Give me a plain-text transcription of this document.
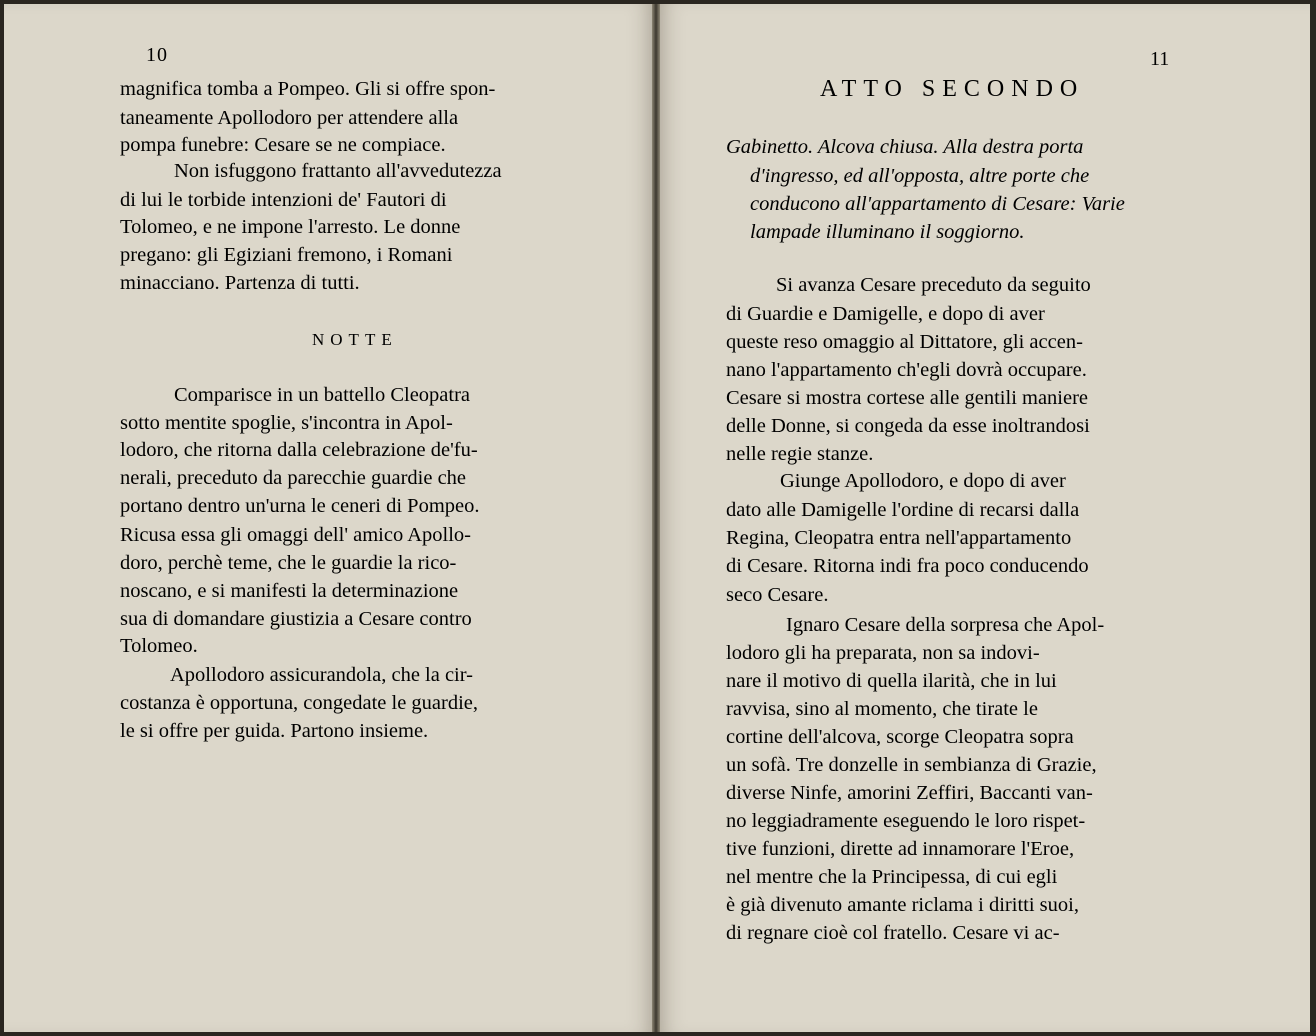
10
magnifica tomba a Pompeo. Gli si offre spon-
taneamente Apollodoro per attendere alla
pompa funebre: Cesare se ne compiace.
Non isfuggono frattanto all'avvedutezza
di lui le torbide intenzioni de' Fautori di
Tolomeo, e ne impone l'arresto. Le donne
pregano: gli Egiziani fremono, i Romani
minacciano. Partenza di tutti.
NOTTE
Comparisce in un battello Cleopatra
sotto mentite spoglie, s'incontra in Apol-
lodoro, che ritorna dalla celebrazione de'fu-
nerali, preceduto da parecchie guardie che
portano dentro un'urna le ceneri di Pompeo.
Ricusa essa gli omaggi dell' amico Apollo-
doro, perchè teme, che le guardie la rico-
noscano, e si manifesti la determinazione
sua di domandare giustizia a Cesare contro
Tolomeo.
Apollodoro assicurandola, che la cir-
costanza è opportuna, congedate le guardie,
le si offre per guida. Partono insieme.
11
ATTO SECONDO
Gabinetto. Alcova chiusa. Alla destra porta
d'ingresso, ed all'opposta, altre porte che
conducono all'appartamento di Cesare: Varie
lampade illuminano il soggiorno.
Si avanza Cesare preceduto da seguito
di Guardie e Damigelle, e dopo di aver
queste reso omaggio al Dittatore, gli accen-
nano l'appartamento ch'egli dovrà occupare.
Cesare si mostra cortese alle gentili maniere
delle Donne, si congeda da esse inoltrandosi
nelle regie stanze.
Giunge Apollodoro, e dopo di aver
dato alle Damigelle l'ordine di recarsi dalla
Regina, Cleopatra entra nell'appartamento
di Cesare. Ritorna indi fra poco conducendo
seco Cesare.
Ignaro Cesare della sorpresa che Apol-
lodoro gli ha preparata, non sa indovi-
nare il motivo di quella ilarità, che in lui
ravvisa, sino al momento, che tirate le
cortine dell'alcova, scorge Cleopatra sopra
un sofà. Tre donzelle in sembianza di Grazie,
diverse Ninfe, amorini Zeffiri, Baccanti van-
no leggiadramente eseguendo le loro rispet-
tive funzioni, dirette ad innamorare l'Eroe,
nel mentre che la Principessa, di cui egli
è già divenuto amante riclama i diritti suoi,
di regnare cioè col fratello. Cesare vi ac-
